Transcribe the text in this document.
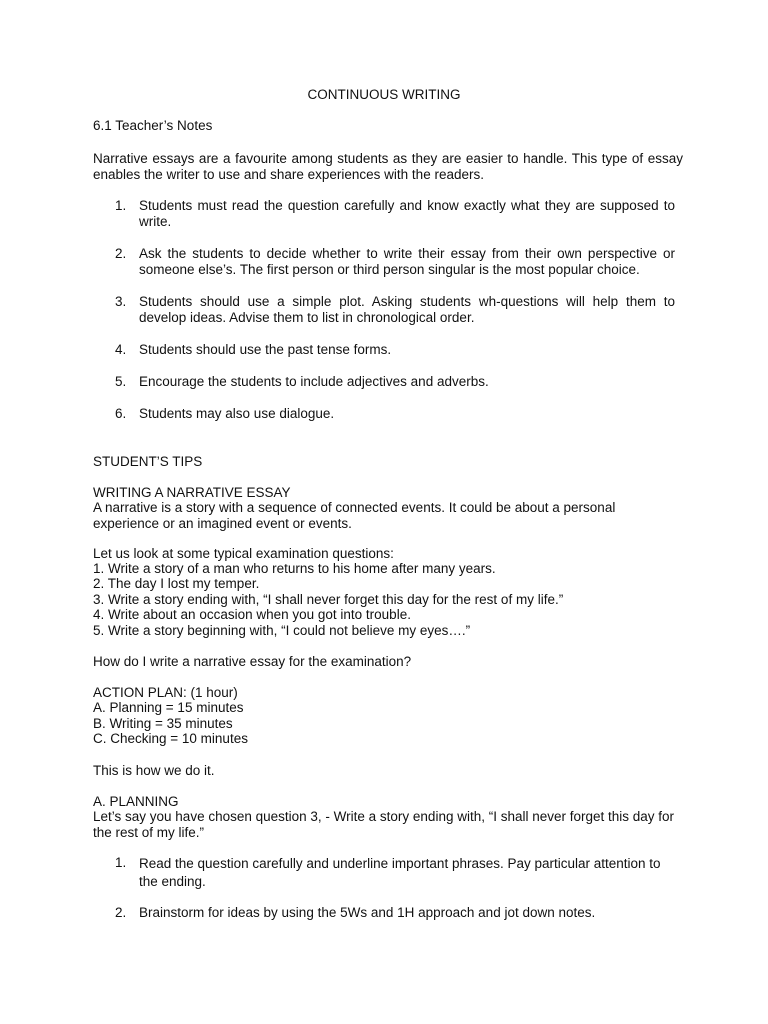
CONTINUOUS WRITING
6.1 Teacher’s Notes
Narrative essays are a favourite among students as they are easier to handle. This type of essay enables the writer to use and share experiences with the readers.
1. Students must read the question carefully and know exactly what they are supposed to write.
2. Ask the students to decide whether to write their essay from their own perspective or someone else’s. The first person or third person singular is the most popular choice.
3. Students should use a simple plot. Asking students wh-questions will help them to develop ideas. Advise them to list in chronological order.
4. Students should use the past tense forms.
5. Encourage the students to include adjectives and adverbs.
6. Students may also use dialogue.
STUDENT’S TIPS
WRITING A NARRATIVE ESSAY
A narrative is a story with a sequence of connected events. It could be about a personal experience or an imagined event or events.
Let us look at some typical examination questions:
1. Write a story of a man who returns to his home after many years.
2. The day I lost my temper.
3. Write a story ending with, “I shall never forget this day for the rest of my life.”
4. Write about an occasion when you got into trouble.
5. Write a story beginning with, “I could not believe my eyes….”
How do I write a narrative essay for the examination?
ACTION PLAN: (1 hour)
A. Planning = 15 minutes
B. Writing = 35 minutes
C. Checking = 10 minutes
This is how we do it.
A. PLANNING
Let’s say you have chosen question 3, - Write a story ending with, “I shall never forget this day for the rest of my life.”
1. Read the question carefully and underline important phrases. Pay particular attention to the ending.
2. Brainstorm for ideas by using the 5Ws and 1H approach and jot down notes.
